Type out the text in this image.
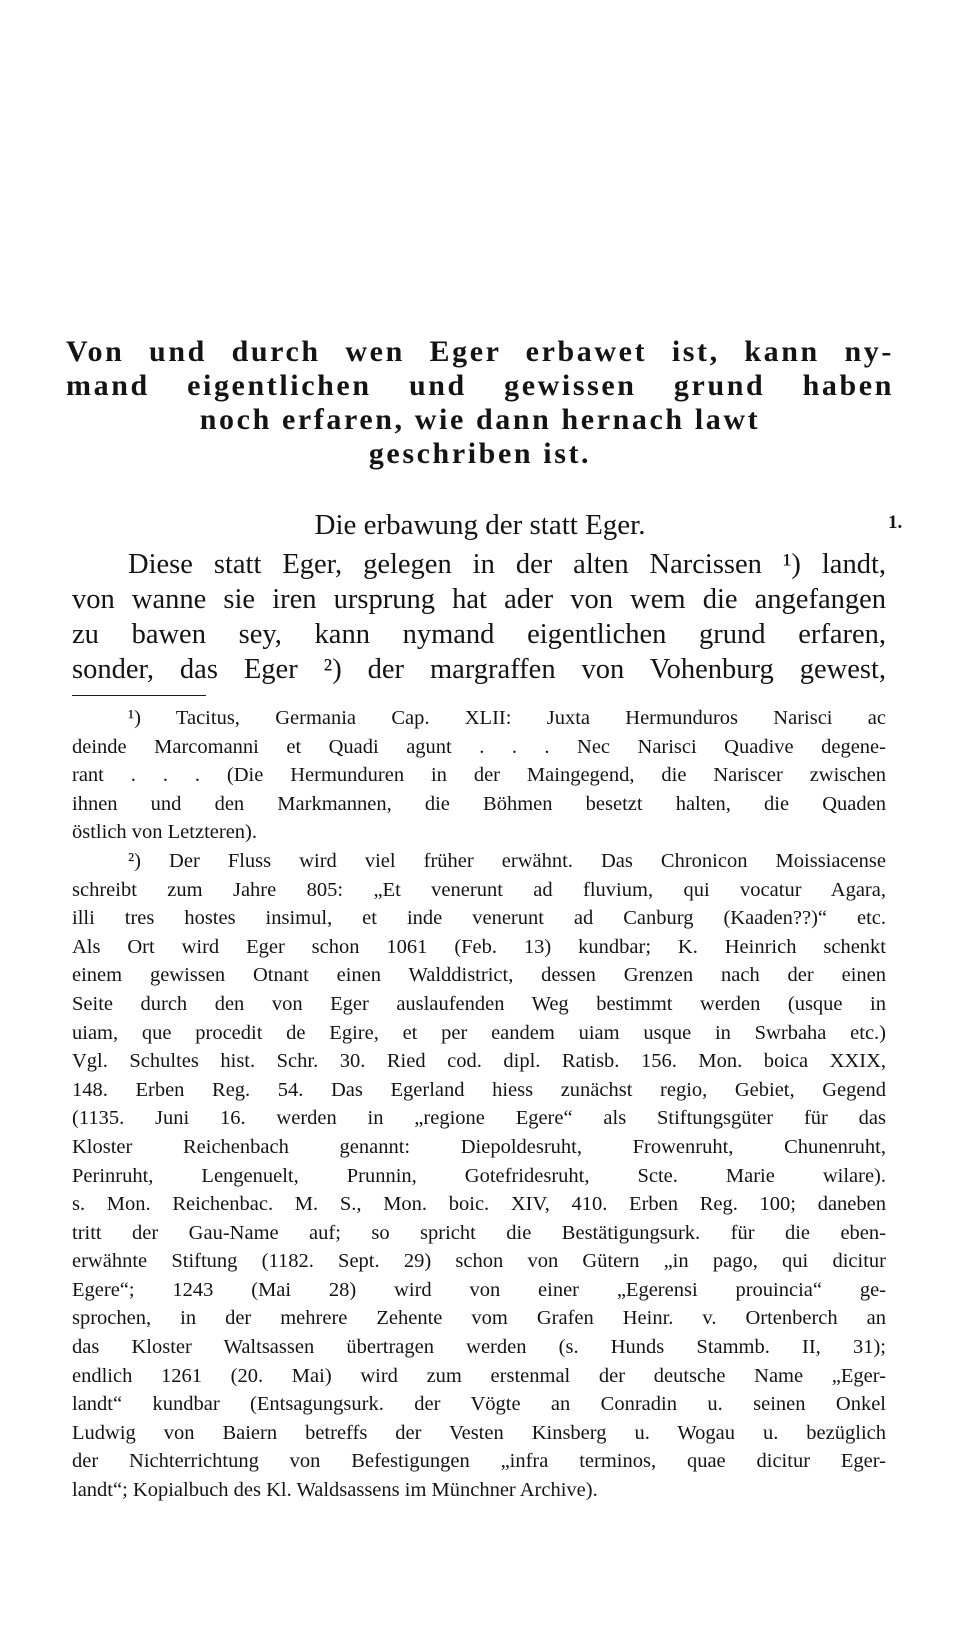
Von und durch wen Eger erbawet ist, kann ny-
mand eigentlichen und gewissen grund haben
noch erfaren, wie dann hernach lawt
geschriben ist.
Die erbawung der statt Eger.	1.
Diese statt Eger, gelegen in der alten Narcissen ¹) landt,
von wanne sie iren ursprung hat ader von wem die angefangen
zu bawen sey, kann nymand eigentlichen grund erfaren,
sonder, das Eger ²) der margraffen von Vohenburg gewest,
¹) Tacitus, Germania Cap. XLII: Juxta Hermunduros Narisci ac
deinde Marcomanni et Quadi agunt . . . Nec Narisci Quadive degene-
rant . . . (Die Hermunduren in der Maingegend, die Nariscer zwischen
ihnen und den Markmannen, die Böhmen besetzt halten, die Quaden
östlich von Letzteren).
²) Der Fluss wird viel früher erwähnt. Das Chronicon Moissiacense
schreibt zum Jahre 805: „Et venerunt ad fluvium, qui vocatur Agara,
illi tres hostes insimul, et inde venerunt ad Canburg (Kaaden??)“ etc.
Als Ort wird Eger schon 1061 (Feb. 13) kundbar; K. Heinrich schenkt
einem gewissen Otnant einen Walddistrict, dessen Grenzen nach der einen
Seite durch den von Eger auslaufenden Weg bestimmt werden (usque in
uiam, que procedit de Egire, et per eandem uiam usque in Swrbaha etc.)
Vgl. Schultes hist. Schr. 30. Ried cod. dipl. Ratisb. 156. Mon. boica XXIX,
148. Erben Reg. 54. Das Egerland hiess zunächst regio, Gebiet, Gegend
(1135. Juni 16. werden in „regione Egere“ als Stiftungsgüter für das
Kloster Reichenbach genannt: Diepoldesruht, Frowenruht, Chunenruht,
Perinruht, Lengenuelt, Prunnin, Gotefridesruht, Scte. Marie wilare).
s. Mon. Reichenbac. M. S., Mon. boic. XIV, 410. Erben Reg. 100; daneben
tritt der Gau-Name auf; so spricht die Bestätigungsurk. für die eben-
erwähnte Stiftung (1182. Sept. 29) schon von Gütern „in pago, qui dicitur
Egere“; 1243 (Mai 28) wird von einer „Egerensi prouincia“ ge-
sprochen, in der mehrere Zehente vom Grafen Heinr. v. Ortenberch an
das Kloster Waltsassen übertragen werden (s. Hunds Stammb. II, 31);
endlich 1261 (20. Mai) wird zum erstenmal der deutsche Name „Eger-
landt“ kundbar (Entsagungsurk. der Vögte an Conradin u. seinen Onkel
Ludwig von Baiern betreffs der Vesten Kinsberg u. Wogau u. bezüglich
der Nichterrichtung von Befestigungen „infra terminos, quae dicitur Eger-
landt“; Kopialbuch des Kl. Waldsassens im Münchner Archive).
